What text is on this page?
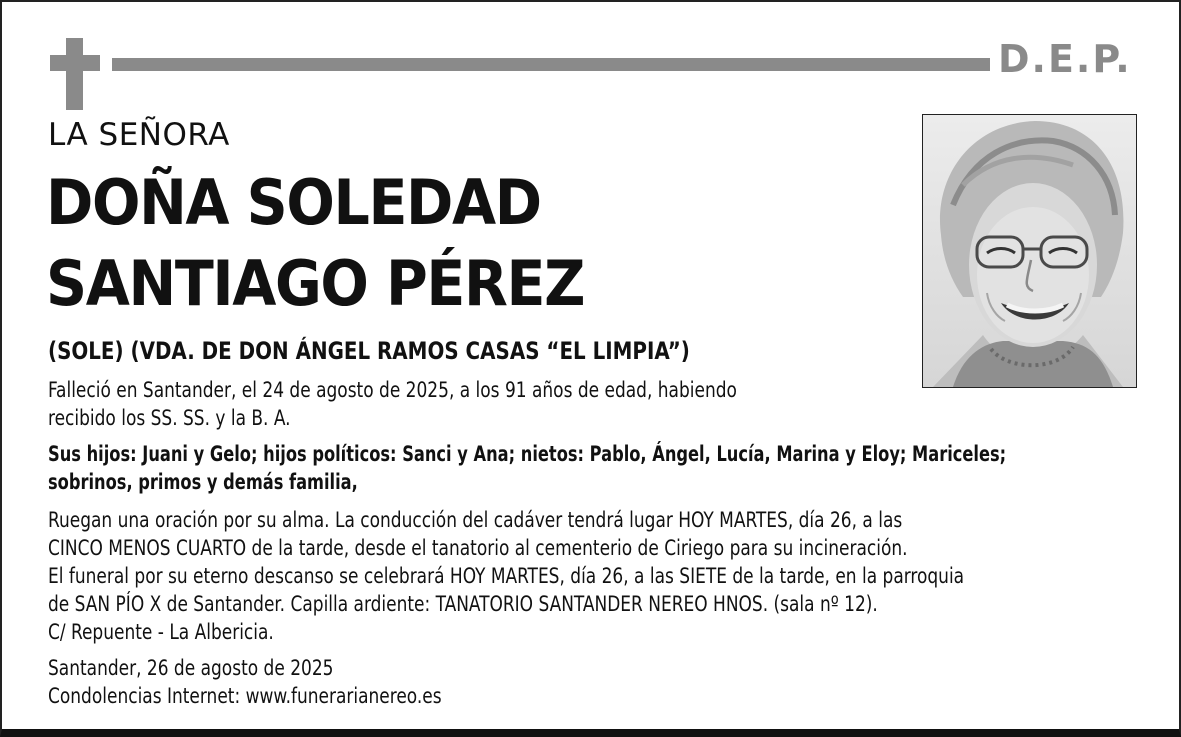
D.E.P.
LA SEÑORA
DOÑA SOLEDAD
SANTIAGO PÉREZ
(SOLE) (VDA. DE DON ÁNGEL RAMOS CASAS “EL LIMPIA”)
Falleció en Santander, el 24 de agosto de 2025, a los 91 años de edad, habiendo
recibido los SS. SS. y la B. A.
Sus hijos: Juani y Gelo; hijos políticos: Sanci y Ana; nietos: Pablo, Ángel, Lucía, Marina y Eloy; Mariceles;
sobrinos, primos y demás familia,
Ruegan una oración por su alma. La conducción del cadáver tendrá lugar HOY MARTES, día 26, a las
CINCO MENOS CUARTO de la tarde, desde el tanatorio al cementerio de Ciriego para su incineración.
El funeral por su eterno descanso se celebrará HOY MARTES, día 26, a las SIETE de la tarde, en la parroquia
de SAN PÍO X de Santander. Capilla ardiente: TANATORIO SANTANDER NEREO HNOS. (sala nº 12).
C/ Repuente - La Albericia.
Santander, 26 de agosto de 2025
Condolencias Internet: www.funerarianereo.es
